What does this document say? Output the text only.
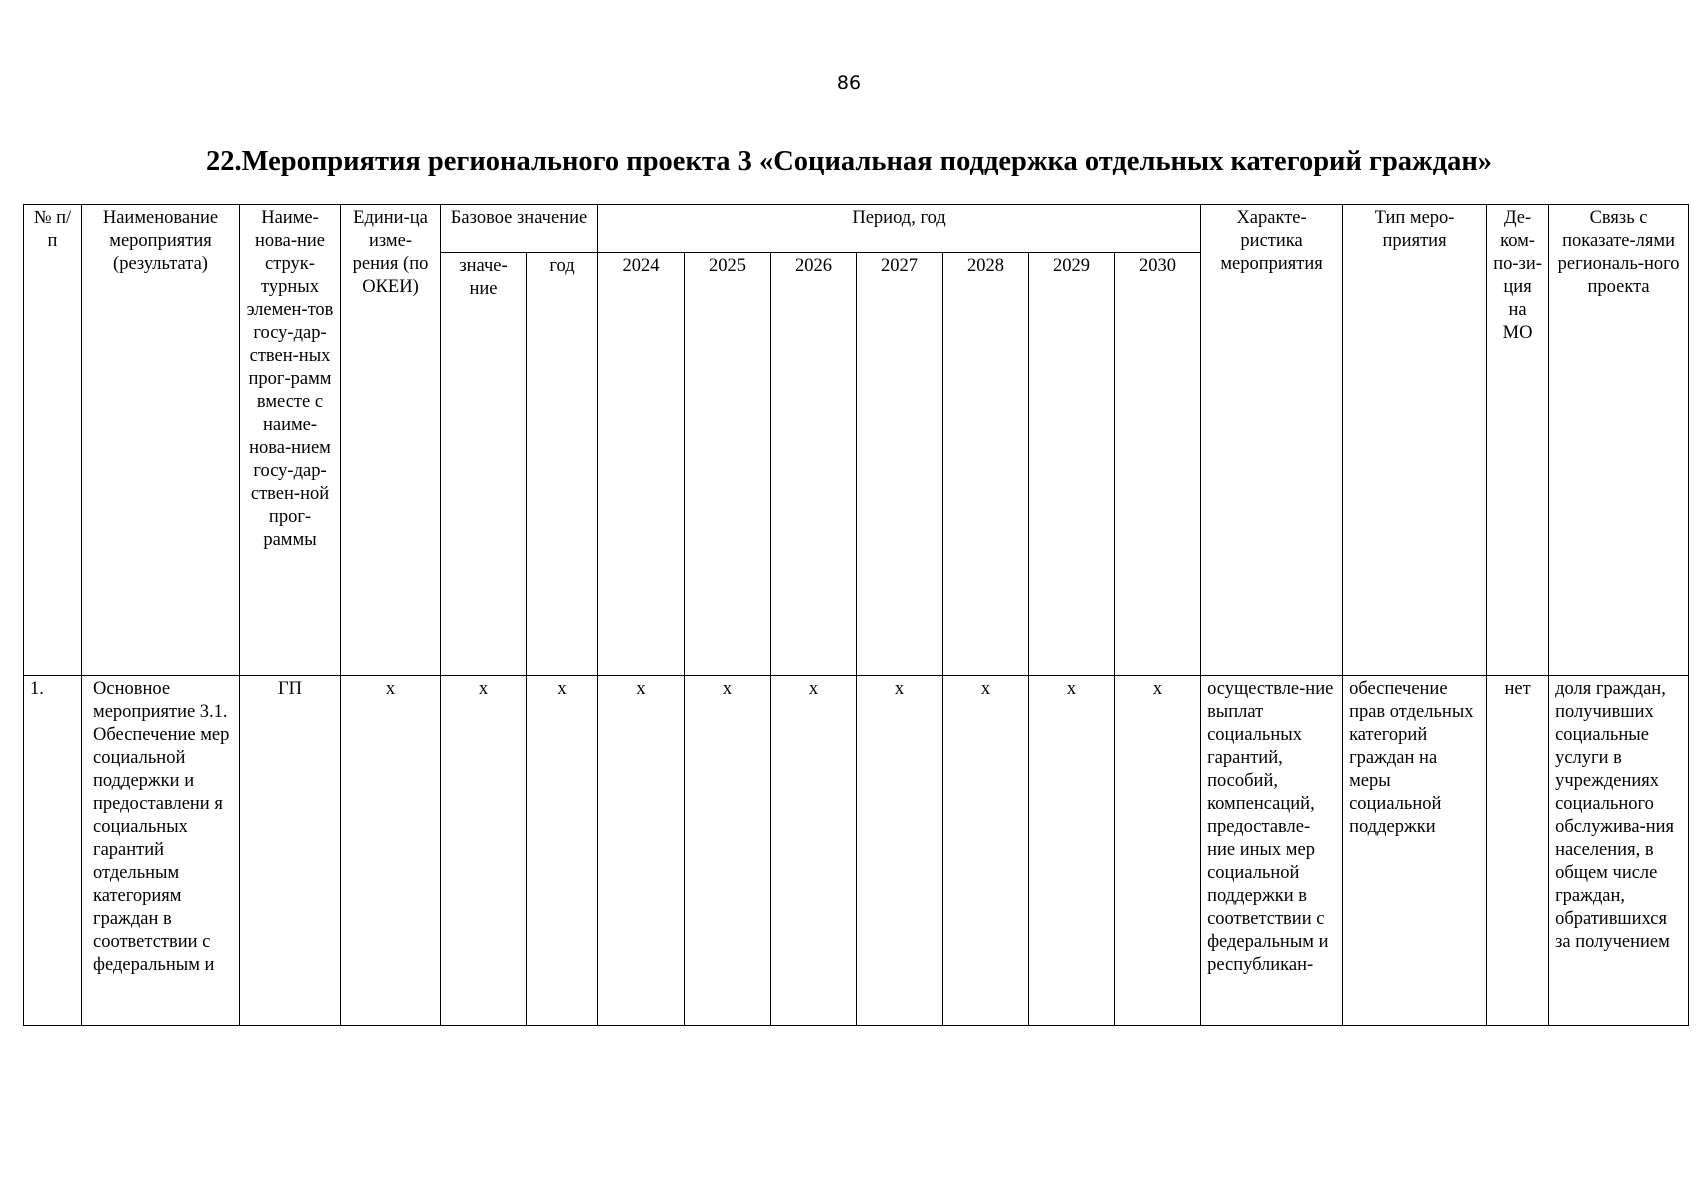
86
22.Мероприятия регионального проекта 3 «Социальная поддержка отдельных категорий граждан»
№ п/п	Наименование мероприятия (результата)	Наиме-нова-ние струк-турных элемен-тов госу-дар-ствен-ных прог-рамм вместе с наиме-нова-нием госу-дар-ствен-ной прог-раммы	Едини-ца изме-рения (по ОКЕИ)	Базовое значение		Период, год							Характе-ристика мероприятия	Тип меро-приятия	Де-ком-по-зи-ция на МО	Связь с показате-лями региональ-ного проекта
				значе-ние	год	2024	2025	2026	2027	2028	2029	2030				
1.	Основное мероприятие 3.1. Обеспечение мер социальной поддержки и предоставлени я социальных гарантий отдельным категориям граждан в соответствии с федеральным и	ГП	х	х	х	х	х	х	х	х	х	х	осуществле-ние выплат социальных гарантий, пособий, компенсаций, предоставле-ние иных мер социальной поддержки в соответствии с федеральным и республикан-	обеспечение прав отдельных категорий граждан на меры социальной поддержки	нет	доля граждан, получивших социальные услуги в учреждениях социального обслужива-ния населения, в общем числе граждан, обратившихся за получением
